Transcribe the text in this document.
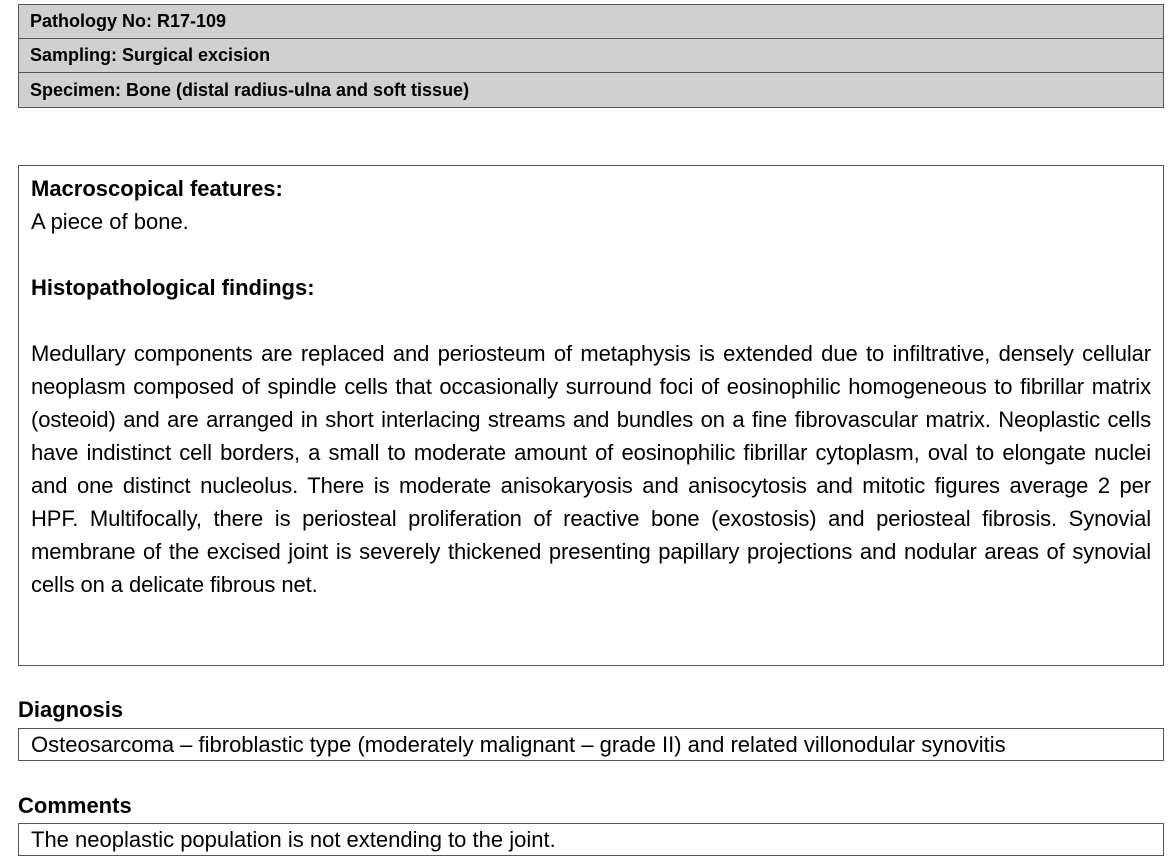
Pathology No: R17-109
Sampling: Surgical excision
Specimen: Bone (distal radius-ulna and soft tissue)
Macroscopical features:
A piece of bone.
Histopathological findings:

Medullary components are replaced and periosteum of metaphysis is extended due to infiltrative, densely cellular neoplasm composed of spindle cells that occasionally surround foci of eosinophilic homogeneous to fibrillar matrix (osteoid) and are arranged in short interlacing streams and bundles on a fine fibrovascular matrix. Neoplastic cells have indistinct cell borders, a small to moderate amount of eosinophilic fibrillar cytoplasm, oval to elongate nuclei and one distinct nucleolus. There is moderate anisokaryosis and anisocytosis and mitotic figures average 2 per HPF. Multifocally, there is periosteal proliferation of reactive bone (exostosis) and periosteal fibrosis. Synovial membrane of the excised joint is severely thickened presenting papillary projections and nodular areas of synovial cells on a delicate fibrous net.

Diagnosis
Osteosarcoma – fibroblastic type (moderately malignant – grade II) and related villonodular synovitis
Comments
The neoplastic population is not extending to the joint.
